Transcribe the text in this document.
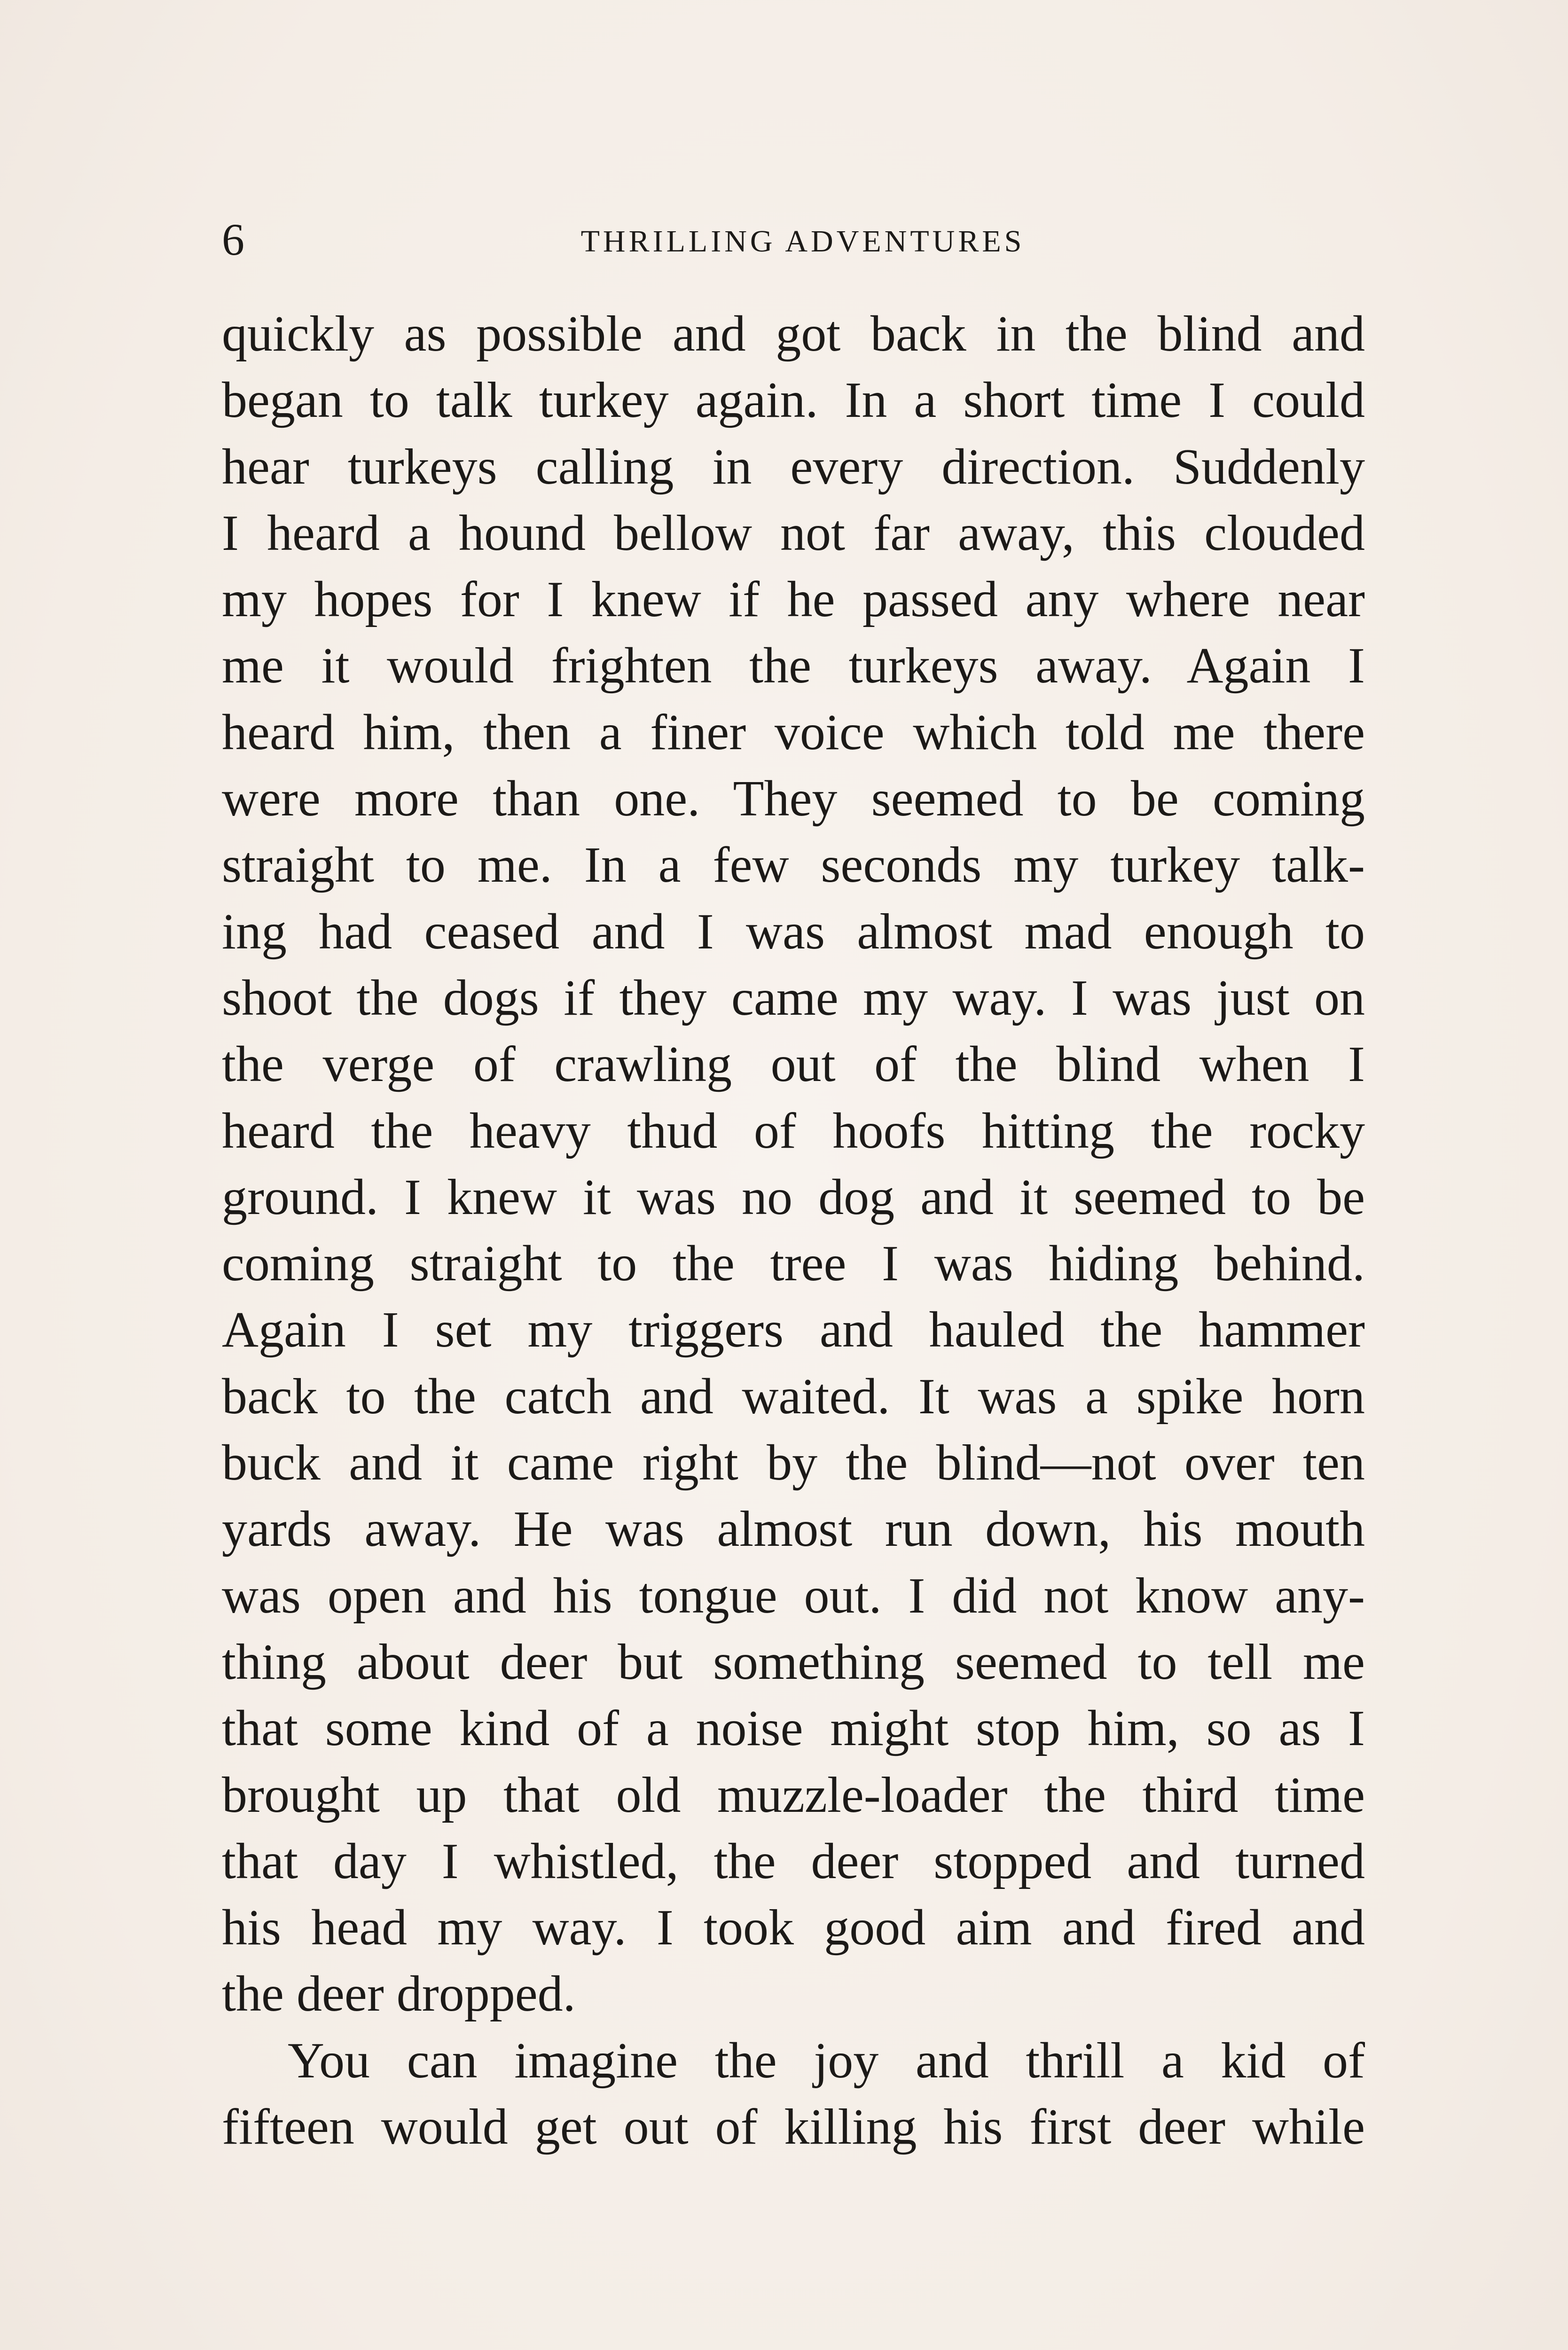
6	THRILLING ADVENTURES
quickly as possible and got back in the blind and
began to talk turkey again. In a short time I could
hear turkeys calling in every direction. Suddenly
I heard a hound bellow not far away, this clouded
my hopes for I knew if he passed any where near
me it would frighten the turkeys away. Again I
heard him, then a finer voice which told me there
were more than one. They seemed to be coming
straight to me. In a few seconds my turkey talk-
ing had ceased and I was almost mad enough to
shoot the dogs if they came my way. I was just on
the verge of crawling out of the blind when I
heard the heavy thud of hoofs hitting the rocky
ground. I knew it was no dog and it seemed to be
coming straight to the tree I was hiding behind.
Again I set my triggers and hauled the hammer
back to the catch and waited. It was a spike horn
buck and it came right by the blind—not over ten
yards away. He was almost run down, his mouth
was open and his tongue out. I did not know any-
thing about deer but something seemed to tell me
that some kind of a noise might stop him, so as I
brought up that old muzzle-loader the third time
that day I whistled, the deer stopped and turned
his head my way. I took good aim and fired and
the deer dropped.
You can imagine the joy and thrill a kid of
fifteen would get out of killing his first deer while
